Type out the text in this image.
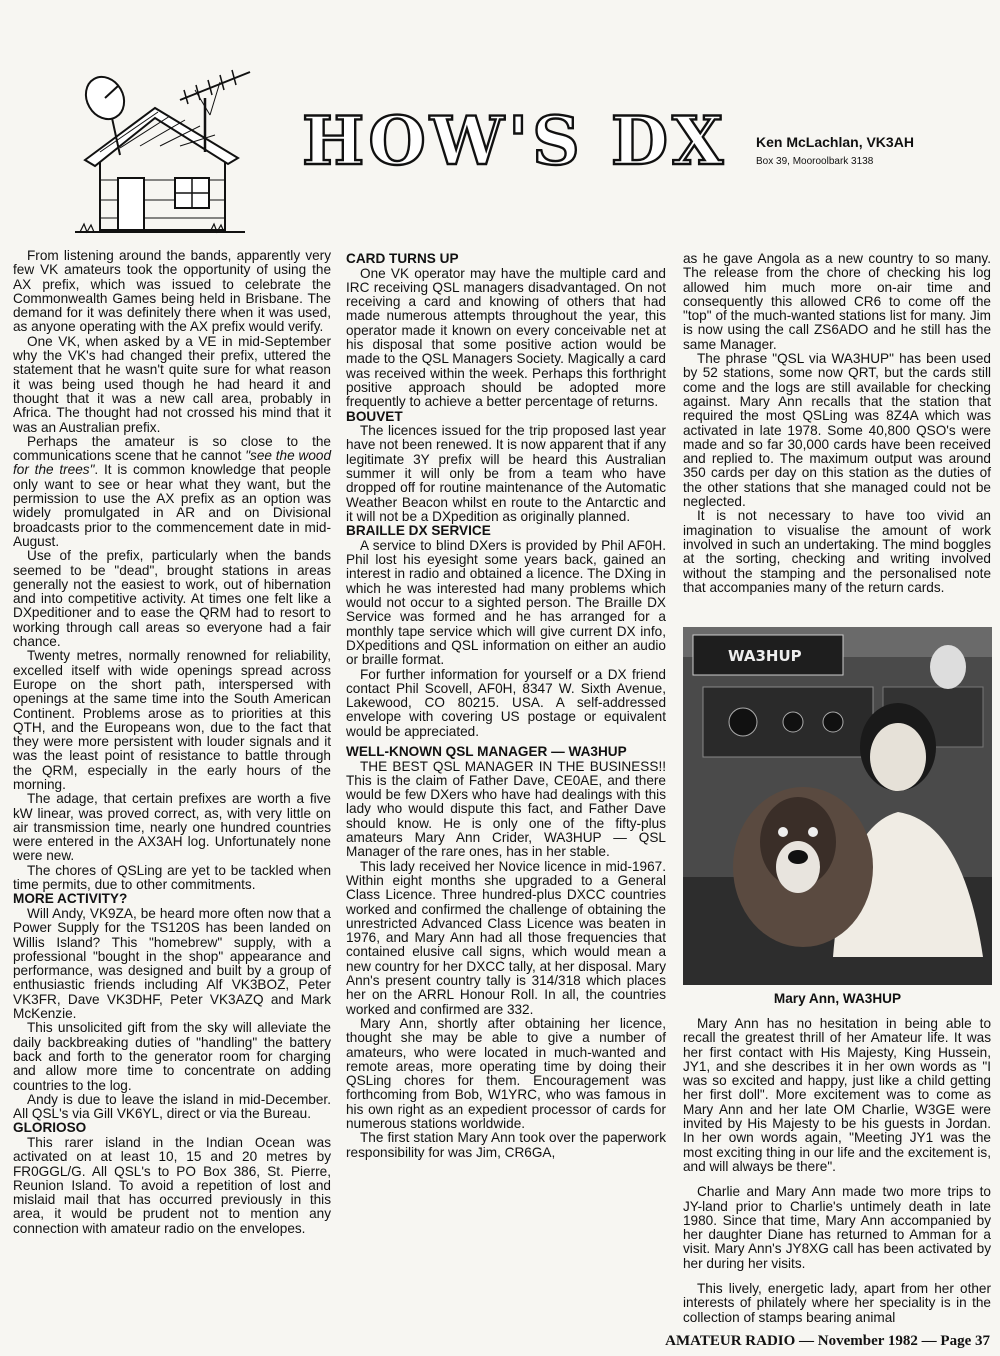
HOW'S DX Ken McLachlan, VK3AH
Box 39, Mooroolbark 3138

From listening around the bands, apparently very few VK amateurs took the opportunity of using the AX prefix, which was issued to celebrate the Commonwealth Games being held in Brisbane. The demand for it was definitely there when it was used, as anyone operating with the AX prefix would verify.

One VK, when asked by a VE in mid-September why the VK's had changed their prefix, uttered the statement that he wasn't quite sure for what reason it was being used though he had heard it and thought that it was a new call area, probably in Africa. The thought had not crossed his mind that it was an Australian prefix.

Perhaps the amateur is so close to the communications scene that he cannot "see the wood for the trees". It is common knowledge that people only want to see or hear what they want, but the permission to use the AX prefix as an option was widely promulgated in AR and on Divisional broadcasts prior to the commencement date in mid-August.

Use of the prefix, particularly when the bands seemed to be "dead", brought stations in areas generally not the easiest to work, out of hibernation and into competitive activity. At times one felt like a DXpeditioner and to ease the QRM had to resort to working through call areas so everyone had a fair chance.

Twenty metres, normally renowned for reliability, excelled itself with wide openings spread across Europe on the short path, interspersed with openings at the same time into the South American Continent. Problems arose as to priorities at this QTH, and the Europeans won, due to the fact that they were more persistent with louder signals and it was the least point of resistance to battle through the QRM, especially in the early hours of the morning.

The adage, that certain prefixes are worth a five kW linear, was proved correct, as, with very little on air transmission time, nearly one hundred countries were entered in the AX3AH log. Unfortunately none were new.

The chores of QSLing are yet to be tackled when time permits, due to other commitments.

MORE ACTIVITY?

Will Andy, VK9ZA, be heard more often now that a Power Supply for the TS120S has been landed on Willis Island? This "homebrew" supply, with a professional "bought in the shop" appearance and performance, was designed and built by a group of enthusiastic friends including Alf VK3BOZ, Peter VK3FR, Dave VK3DHF, Peter VK3AZQ and Mark McKenzie.

This unsolicited gift from the sky will alleviate the daily backbreaking duties of "handling" the battery back and forth to the generator room for charging and allow more time to concentrate on adding countries to the log.

Andy is due to leave the island in mid-December. All QSL's via Gill VK6YL, direct or via the Bureau.

GLORIOSO

This rarer island in the Indian Ocean was activated on at least 10, 15 and 20 metres by FR0GGL/G. All QSL's to PO Box 386, St. Pierre, Reunion Island. To avoid a repetition of lost and mislaid mail that has occurred previously in this area, it would be prudent not to mention any connection with amateur radio on the envelopes.

CARD TURNS UP

One VK operator may have the multiple card and IRC receiving QSL managers disadvantaged. On not receiving a card and knowing of others that had made numerous attempts throughout the year, this operator made it known on every conceivable net at his disposal that some positive action would be made to the QSL Managers Society. Magically a card was received within the week. Perhaps this forthright positive approach should be adopted more frequently to achieve a better percentage of returns.

BOUVET

The licences issued for the trip proposed last year have not been renewed. It is now apparent that if any legitimate 3Y prefix will be heard this Australian summer it will only be from a team who have dropped off for routine maintenance of the Automatic Weather Beacon whilst en route to the Antarctic and it will not be a DXpedition as originally planned.

BRAILLE DX SERVICE

A service to blind DXers is provided by Phil AF0H. Phil lost his eyesight some years back, gained an interest in radio and obtained a licence. The DXing in which he was interested had many problems which would not occur to a sighted person. The Braille DX Service was formed and he has arranged for a monthly tape service which will give current DX info, DXpeditions and QSL information on either an audio or braille format.

For further information for yourself or a DX friend contact Phil Scovell, AF0H, 8347 W. Sixth Avenue, Lakewood, CO 80215. USA. A self-addressed envelope with covering US postage or equivalent would be appreciated.

WELL-KNOWN QSL MANAGER — WA3HUP

THE BEST QSL MANAGER IN THE BUSINESS!! This is the claim of Father Dave, CE0AE, and there would be few DXers who have had dealings with this lady who would dispute this fact, and Father Dave should know. He is only one of the fifty-plus amateurs Mary Ann Crider, WA3HUP — QSL Manager of the rare ones, has in her stable.

This lady received her Novice licence in mid-1967. Within eight months she upgraded to a General Class Licence. Three hundred-plus DXCC countries worked and confirmed the challenge of obtaining the unrestricted Advanced Class Licence was beaten in 1976, and Mary Ann had all those frequencies that contained elusive call signs, which would mean a new country for her DXCC tally, at her disposal. Mary Ann's present country tally is 314/318 which places her on the ARRL Honour Roll. In all, the countries worked and confirmed are 332.

Mary Ann, shortly after obtaining her licence, thought she may be able to give a number of amateurs, who were located in much-wanted and remote areas, more operating time by doing their QSLing chores for them. Encouragement was forthcoming from Bob, W1YRC, who was famous in his own right as an expedient processor of cards for numerous stations worldwide.

The first station Mary Ann took over the paperwork responsibility for was Jim, CR6GA,

as he gave Angola as a new country to so many. The release from the chore of checking his log allowed him much more on-air time and consequently this allowed CR6 to come off the "top" of the much-wanted stations list for many. Jim is now using the call ZS6ADO and he still has the same Manager.

The phrase "QSL via WA3HUP" has been used by 52 stations, some now QRT, but the cards still come and the logs are still available for checking against. Mary Ann recalls that the station that required the most QSLing was 8Z4A which was activated in late 1978. Some 40,800 QSO's were made and so far 30,000 cards have been received and replied to. The maximum output was around 350 cards per day on this station as the duties of the other stations that she managed could not be neglected.

It is not necessary to have too vivid an imagination to visualise the amount of work involved in such an undertaking. The mind boggles at the sorting, checking and writing involved without the stamping and the personalised note that accompanies many of the return cards.

WA3HUP
Mary Ann, WA3HUP

Mary Ann has no hesitation in being able to recall the greatest thrill of her Amateur life. It was her first contact with His Majesty, King Hussein, JY1, and she describes it in her own words as "I was so excited and happy, just like a child getting her first doll". More excitement was to come as Mary Ann and her late OM Charlie, W3GE were invited by His Majesty to be his guests in Jordan. In her own words again, "Meeting JY1 was the most exciting thing in our life and the excitement is, and will always be there".

Charlie and Mary Ann made two more trips to JY-land prior to Charlie's untimely death in late 1980. Since that time, Mary Ann accompanied by her daughter Diane has returned to Amman for a visit. Mary Ann's JY8XG call has been activated by her during her visits.

This lively, energetic lady, apart from her other interests of philately where her speciality is in the collection of stamps bearing animal

AMATEUR RADIO — November 1982 — Page 37
